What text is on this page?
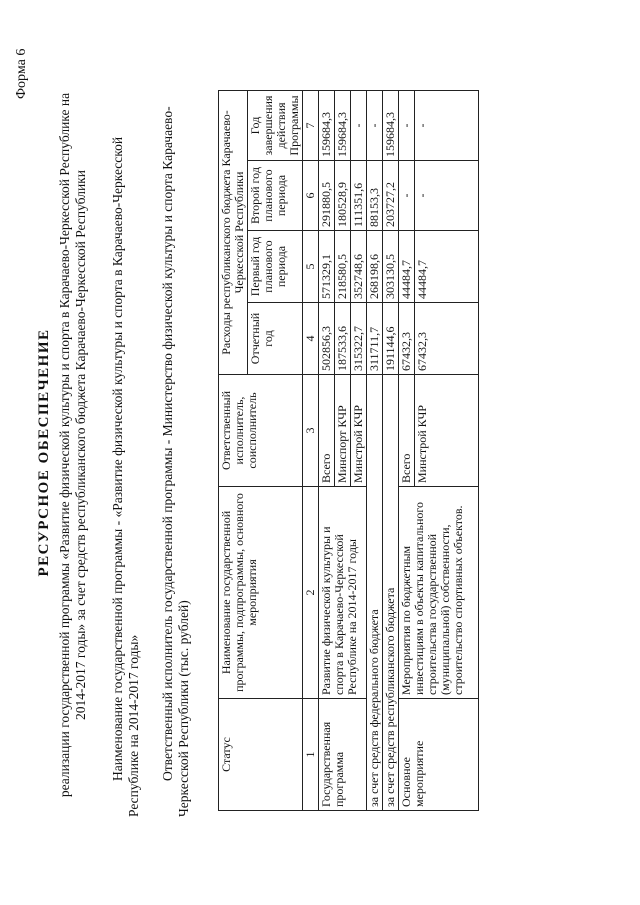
Форма 6
РЕСУРСНОЕ ОБЕСПЕЧЕНИЕ реализации государственной программы «Развитие физической культуры и спорта в Карачаево-Черкесской Республике на 2014-2017 годы» за счет средств республиканского бюджета Карачаево-Черкесской Республики Наименование государственной программы - «Развитие физической культуры и спорта в Карачаево-Черкесской Республике на 2014-2017 годы» Ответственный исполнитель государственной программы - Министерство физической культуры и спорта Карачаево-Черкесской Республики (тыс. рублей) Статус	Наименование государственной программы, подпрограммы, основного мероприятия	Ответственный исполнитель, соисполнитель	Расходы республиканского бюджета Карачаево-Черкесской Республики			
			Отчетный год	Первый год планового периода	Второй год планового периода	Год завершения действия Программы
1	2	3	4	5	6	7
Государственная программа	Развитие физической культуры и спорта в Карачаево-Черкесской Республике на 2014-2017 годы	Всего	502856,3	571329,1	291880,5	159684,3
		Минспорт КЧР	187533,6	218580,5	180528,9	159684,3
		Минстрой КЧР	315322,7	352748,6	111351,6	-
за счет средств федерального бюджета			311711,7	268198,6	88153,3	-
за счет средств республиканского бюджета			191144,6	303130,5	203727,2	159684,3
Основное мероприятие	Мероприятия по бюджетным инвестициям в объекты капитального строительства государственной (муниципальной) собственности, строительство спортивных объектов.	Всего	67432,3	44484,7	-	-
		Минстрой КЧР	67432,3	44484,7	-	-
